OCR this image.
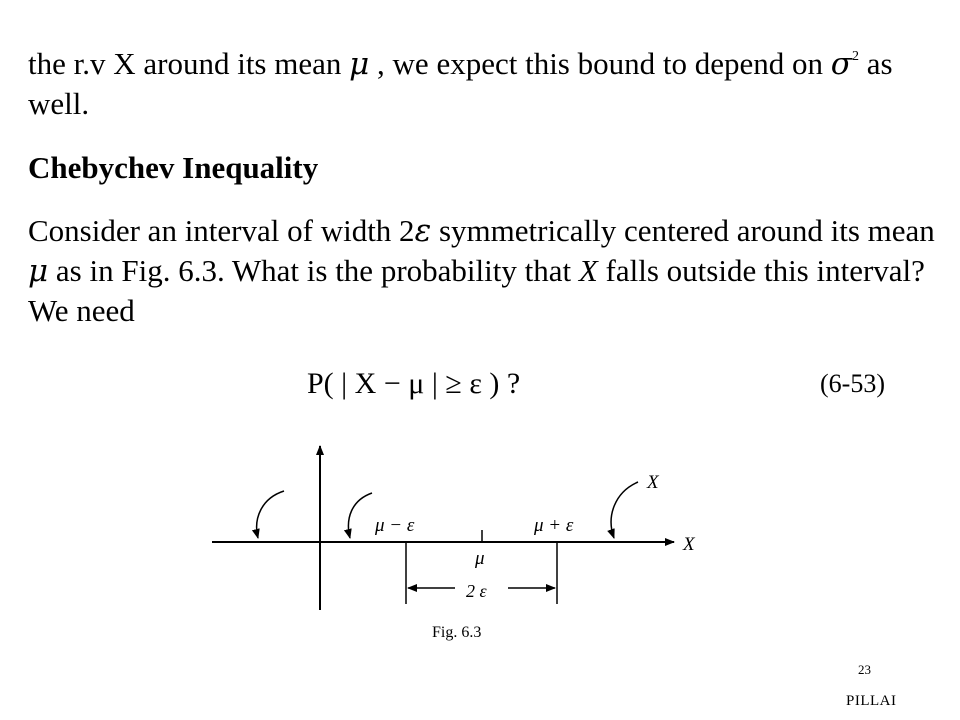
the r.v X around its mean μ , we expect this bound to depend on $\sigma^2$ as well.

Chebychev Inequality

Consider an interval of width 2ε symmetrically centered around its mean μ as in Fig. 6.3. What is the probability that X falls outside this interval? We need

P( | X − μ | ≥ ε ) ?	(6-53)
μ − ε	μ + ε
μ
2 ε
X
X
Fig. 6.3
23
PILLAI
